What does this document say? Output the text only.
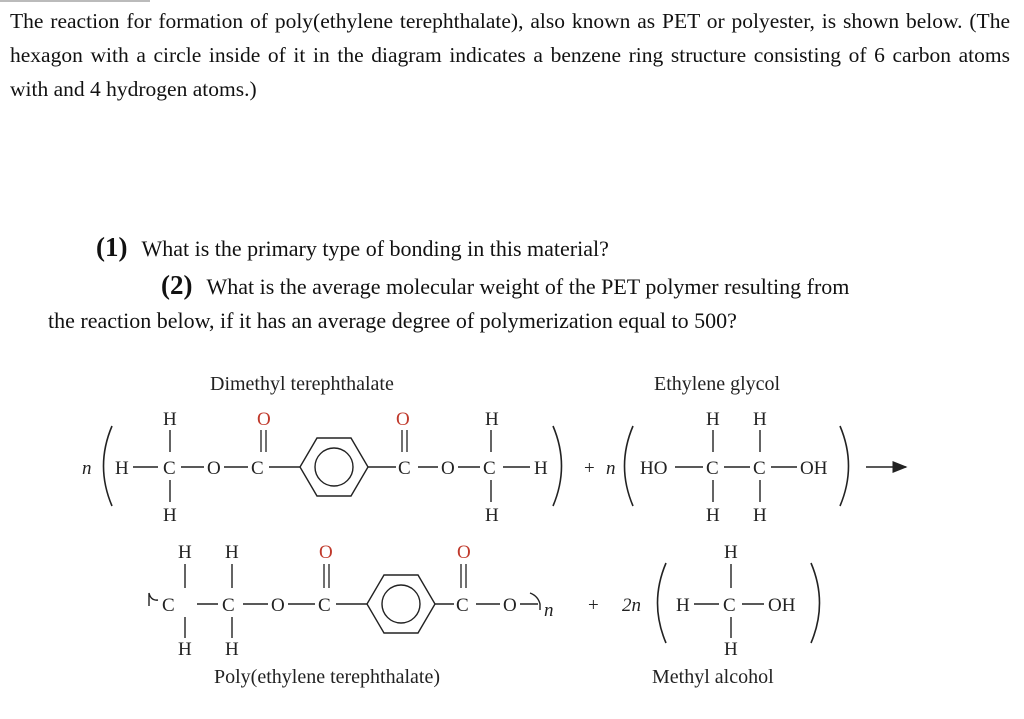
The reaction for formation of poly(ethylene terephthalate), also known as PET or polyester, is shown below. (The hexagon with a circle inside of it in the diagram indicates a benzene ring structure consisting of 6 carbon atoms with and 4 hydrogen atoms.)

(1) What is the primary type of bonding in this material?
(2) What is the average molecular weight of the PET polymer resulting from
the reaction below, if it has an average degree of polymerization equal to 500?
Dimethyl terephthalate	Ethylene glycol
Poly(ethylene terephthalate)	Methyl alcohol
n H C
H
H
O C
O
C
O
O C
H
H
H + n HO C
H
H
C
H
H
OH
C
H
H
C
H
H
O C
O
C
O
O n + 2n H C
H
H
OH
